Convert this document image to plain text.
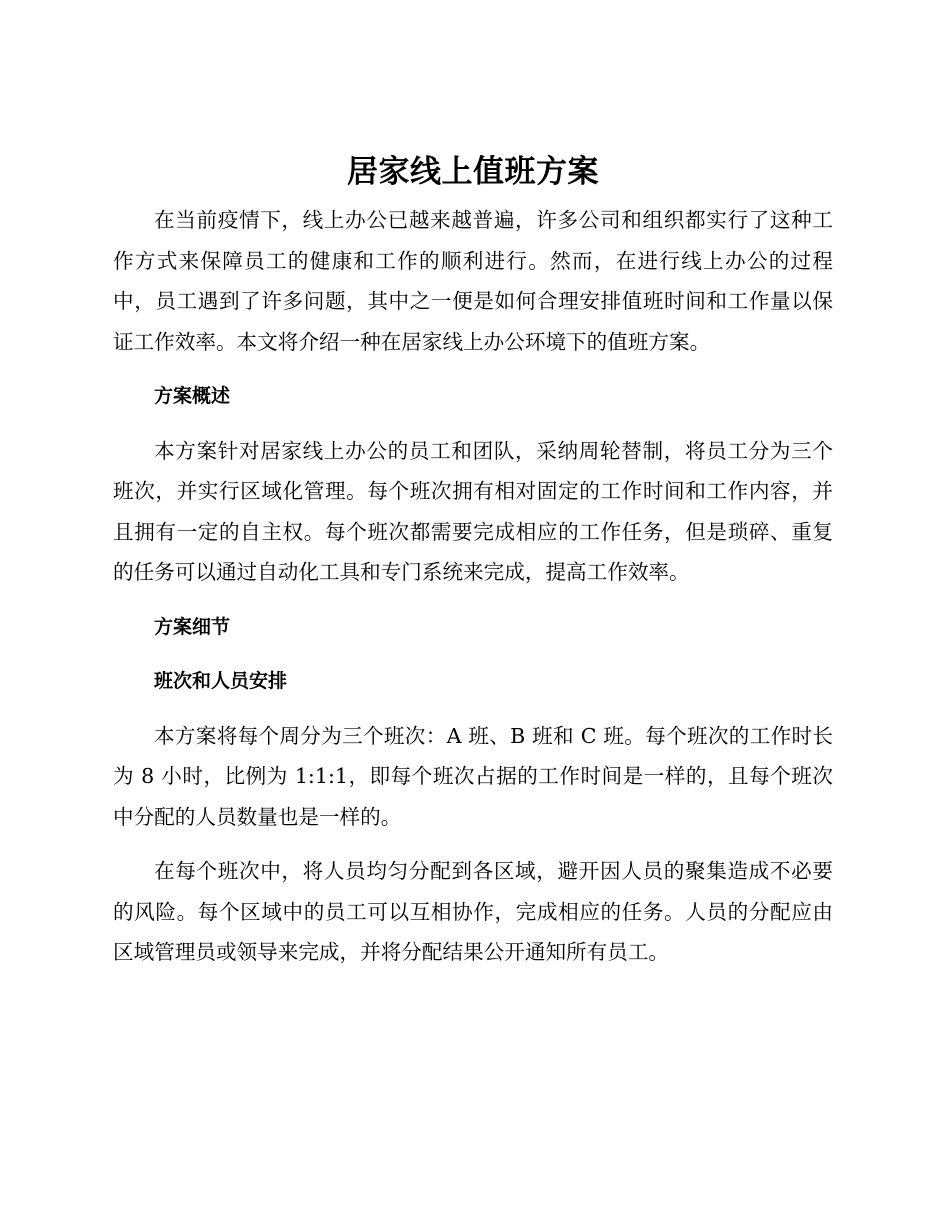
居家线上值班方案

在当前疫情下，线上办公已越来越普遍，许多公司和组织都实行了这种工作方式来保障员工的健康和工作的顺利进行。然而，在进行线上办公的过程中，员工遇到了许多问题，其中之一便是如何合理安排值班时间和工作量以保证工作效率。本文将介绍一种在居家线上办公环境下的值班方案。

方案概述

本方案针对居家线上办公的员工和团队，采纳周轮替制，将员工分为三个班次，并实行区域化管理。每个班次拥有相对固定的工作时间和工作内容，并且拥有一定的自主权。每个班次都需要完成相应的工作任务，但是琐碎、重复的任务可以通过自动化工具和专门系统来完成，提高工作效率。

方案细节
班次和人员安排

本方案将每个周分为三个班次：A 班、B 班和 C 班。每个班次的工作时长为 8 小时，比例为 1:1:1，即每个班次占据的工作时间是一样的，且每个班次中分配的人员数量也是一样的。

在每个班次中，将人员均匀分配到各区域，避开因人员的聚集造成不必要的风险。每个区域中的员工可以互相协作，完成相应的任务。人员的分配应由区域管理员或领导来完成，并将分配结果公开通知所有员工。
